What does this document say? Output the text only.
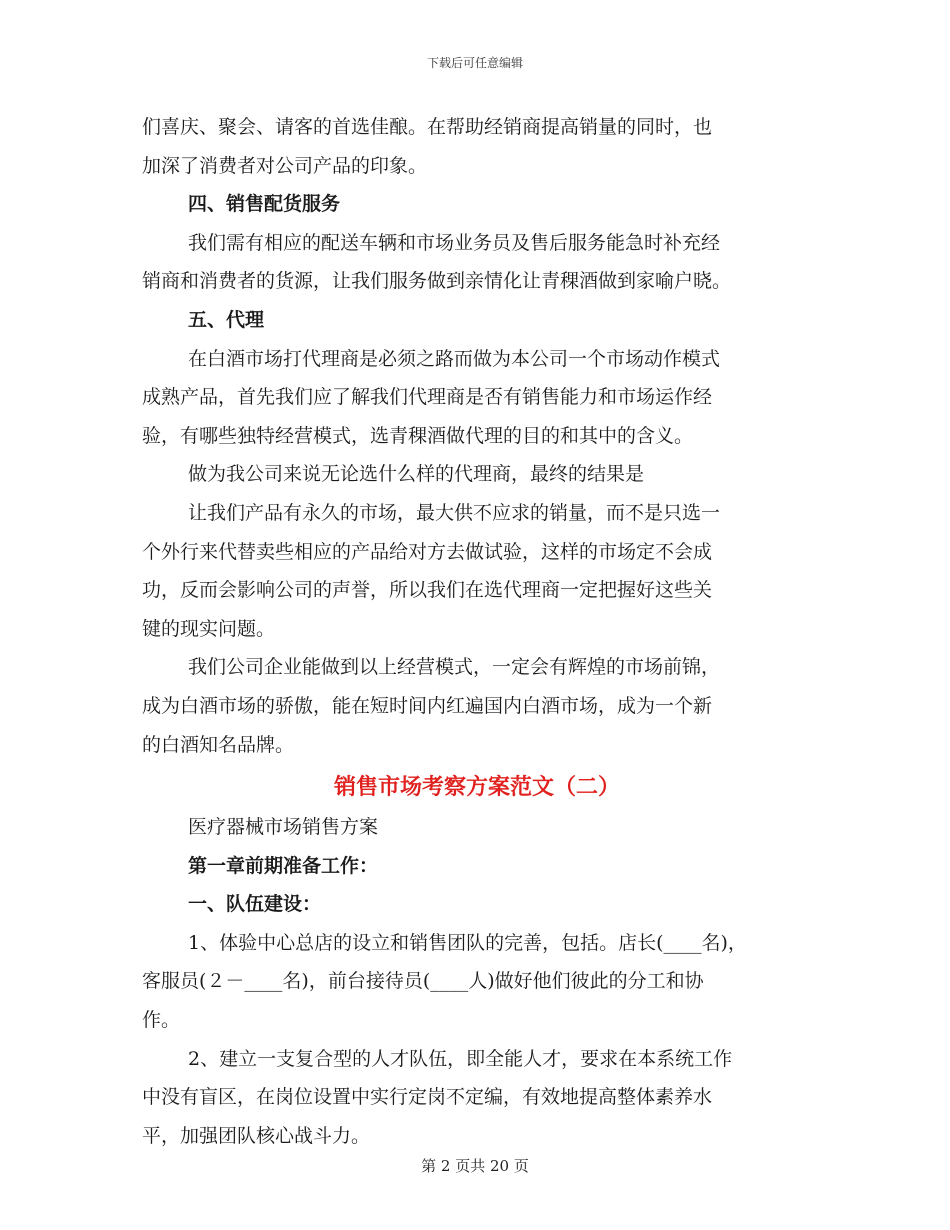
下载后可任意编辑
们喜庆、聚会、请客的首选佳酿。在帮助经销商提高销量的同时，也
加深了消费者对公司产品的印象。
四、销售配货服务
我们需有相应的配送车辆和市场业务员及售后服务能急时补充经
销商和消费者的货源，让我们服务做到亲情化让青稞酒做到家喻户晓。
五、代理
在白酒市场打代理商是必须之路而做为本公司一个市场动作模式
成熟产品，首先我们应了解我们代理商是否有销售能力和市场运作经
验，有哪些独特经营模式，选青稞酒做代理的目的和其中的含义。
做为我公司来说无论选什么样的代理商，最终的结果是
让我们产品有永久的市场，最大供不应求的销量，而不是只选一
个外行来代替卖些相应的产品给对方去做试验，这样的市场定不会成
功，反而会影响公司的声誉，所以我们在选代理商一定把握好这些关
键的现实问题。
我们公司企业能做到以上经营模式，一定会有辉煌的市场前锦，
成为白酒市场的骄傲，能在短时间内红遍国内白酒市场，成为一个新
的白酒知名品牌。
销售市场考察方案范文（二）
医疗器械市场销售方案
第一章前期准备工作：
一、队伍建设：
1、体验中心总店的设立和销售团队的完善，包括。店长(____名)，
客服员(２－____名)，前台接待员(____人)做好他们彼此的分工和协
作。
2、建立一支复合型的人才队伍，即全能人才，要求在本系统工作
中没有盲区，在岗位设置中实行定岗不定编，有效地提高整体素养水
平，加强团队核心战斗力。
第 2 页共 20 页
